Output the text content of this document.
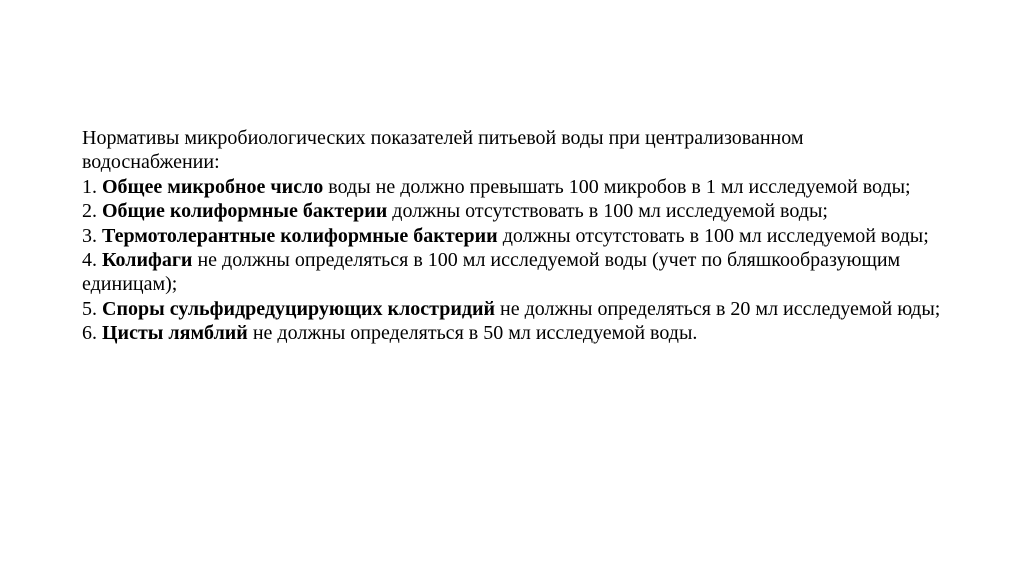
Нормативы микробиологических показателей питьевой воды при централизованном водоснабжении:

1. Общее микробное число воды не должно превышать 100 микробов в 1 мл исследуемой воды;

2. Общие колиформные бактерии должны отсутствовать в 100 мл исследуемой воды;

3. Термотолерантные колиформные бактерии должны отсутстовать в 100 мл исследуемой воды;

4. Колифаги не должны определяться в 100 мл исследуемой воды (учет по бляшкообразующим единицам);

5. Споры сульфидредуцирующих клостридий не должны определяться в 20 мл исследуемой юды;

6. Цисты лямблий не должны определяться в 50 мл исследуемой воды.
